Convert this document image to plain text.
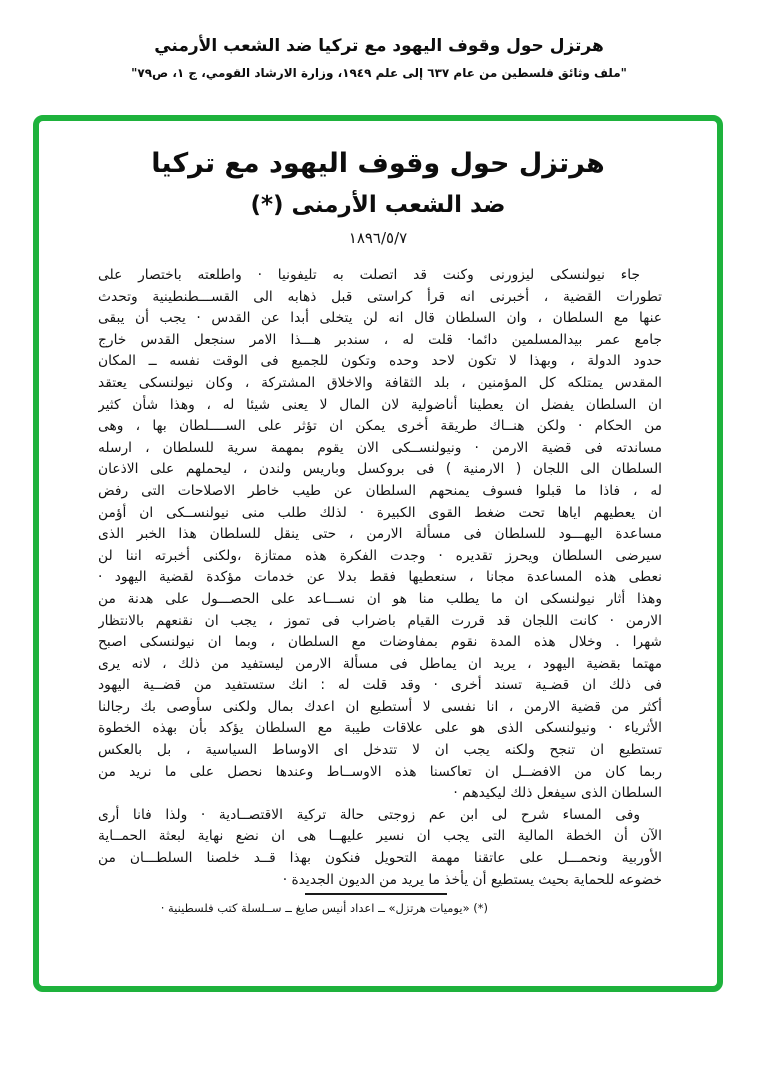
هرتزل حول وقوف اليهود مع تركيا ضد الشعب الأرمني
"ملف وثائق فلسطين من عام ٦٣٧ إلى علم ١٩٤٩، وزارة الارشاد القومي، ج ١، ص٧٩"
هرتزل حول وقوف اليهود مع تركيا
ضد الشعب الأرمنى (*)
١٨٩٦/٥/٧
جاء نيولنسكى ليزورنى وكنت قد اتصلت به تليفونيا · واطلعته باختصار على
تطورات القضية ، أخبرنى انه قرأ كراستى قبل ذهابه الى القســـطنطينية وتحدث
عنها مع السلطان ، وان السلطان قال انه لن يتخلى أبدا عن القدس · يجب أن يبقى
جامع عمر بيدالمسلمين دائما· قلت له ، سندبر هـــذا الامر سنجعل القدس خارج
حدود الدولة ، وبهذا لا تكون لاحد وحده وتكون للجميع فى الوقت نفسه ــ المكان
المقدس يمتلكه كل المؤمنين ، بلد الثقافة والاخلاق المشتركة ، وكان نيولنسكى يعتقد
ان السلطان يفضل ان يعطينا أناضولية لان المال لا يعنى شيئا له ، وهذا شأن كثير
من الحكام · ولكن هنــاك طريقة أخرى يمكن ان تؤثر على الســــلطان بها ، وهى
مساندته فى قضية الارمن · ونيولنســكى الان يقوم بمهمة سرية للسلطان ، ارسله
السلطان الى اللجان ( الارمنية ) فى بروكسل وباريس ولندن ، ليحملهم على الاذعان
له ، فاذا ما قبلوا فسوف يمنحهم السلطان عن طيب خاطر الاصلاحات التى رفض
ان يعطيهم اياها تحت ضغط القوى الكبيرة · لذلك طلب منى نيولنســكى ان أؤمن
مساعدة اليهـــود للسلطان فى مسألة الارمن ، حتى ينقل للسلطان هذا الخبر الذى
سيرضى السلطان ويحرز تقديره · وجدت الفكرة هذه ممتازة ،ولكنى أخبرته اننا لن
نعطى هذه المساعدة مجانا ، سنعطيها فقط بدلا عن خدمات مؤكدة لقضية اليهود ·
وهذا أثار نيولنسكى ان ما يطلب منا هو ان نســـاعد على الحصـــول على هدنة من
الارمن · كانت اللجان قد قررت القيام باضراب فى تموز ، يجب ان نقنعهم بالانتظار
شهرا . وخلال هذه المدة نقوم بمفاوضات مع السلطان ، وبما ان نيولنسكى اصبح
مهتما بقضية اليهود ، يريد ان يماطل فى مسألة الارمن ليستفيد من ذلك ، لانه يرى
فى ذلك ان قضـية تسند أخرى · وقد قلت له : انك ستستفيد من قضــية اليهود
أكثر من قضية الارمن ، انا نفسى لا أستطيع ان اعدك بمال ولكنى سأوصى بك رجالنا
الأثرياء · ونيولنسكى الذى هو على علاقات طيبة مع السلطان يؤكد بأن بهذه الخطوة
تستطيع ان تنجح ولكنه يجب ان لا تتدخل اى الاوساط السياسية ، بل بالعكس
ربما كان من الافضــل ان تعاكسنا هذه الاوســاط وعندها نحصل على ما نريد من
السلطان الذى سيفعل ذلك ليكيدهم ·
وفى المساء شرح لى ابن عم زوجتى حالة تركية الاقتصــادية · ولذا فانا أرى
الآن أن الخطة المالية التى يجب ان نسير عليهــا هى ان نضع نهاية لبعثة الحمــاية
الأوربية ونحمـــل على عاتقنا مهمة التحويل فنكون بهذا قــد خلصنا السلطـــان من
خضوعه للحماية بحيث يستطيع أن يأخذ ما يريد من الديون الجديدة ·
(*) «يوميات هرتزل» ــ اعداد أنيس صايغ ــ ســلسلة كتب فلسطينية ·
